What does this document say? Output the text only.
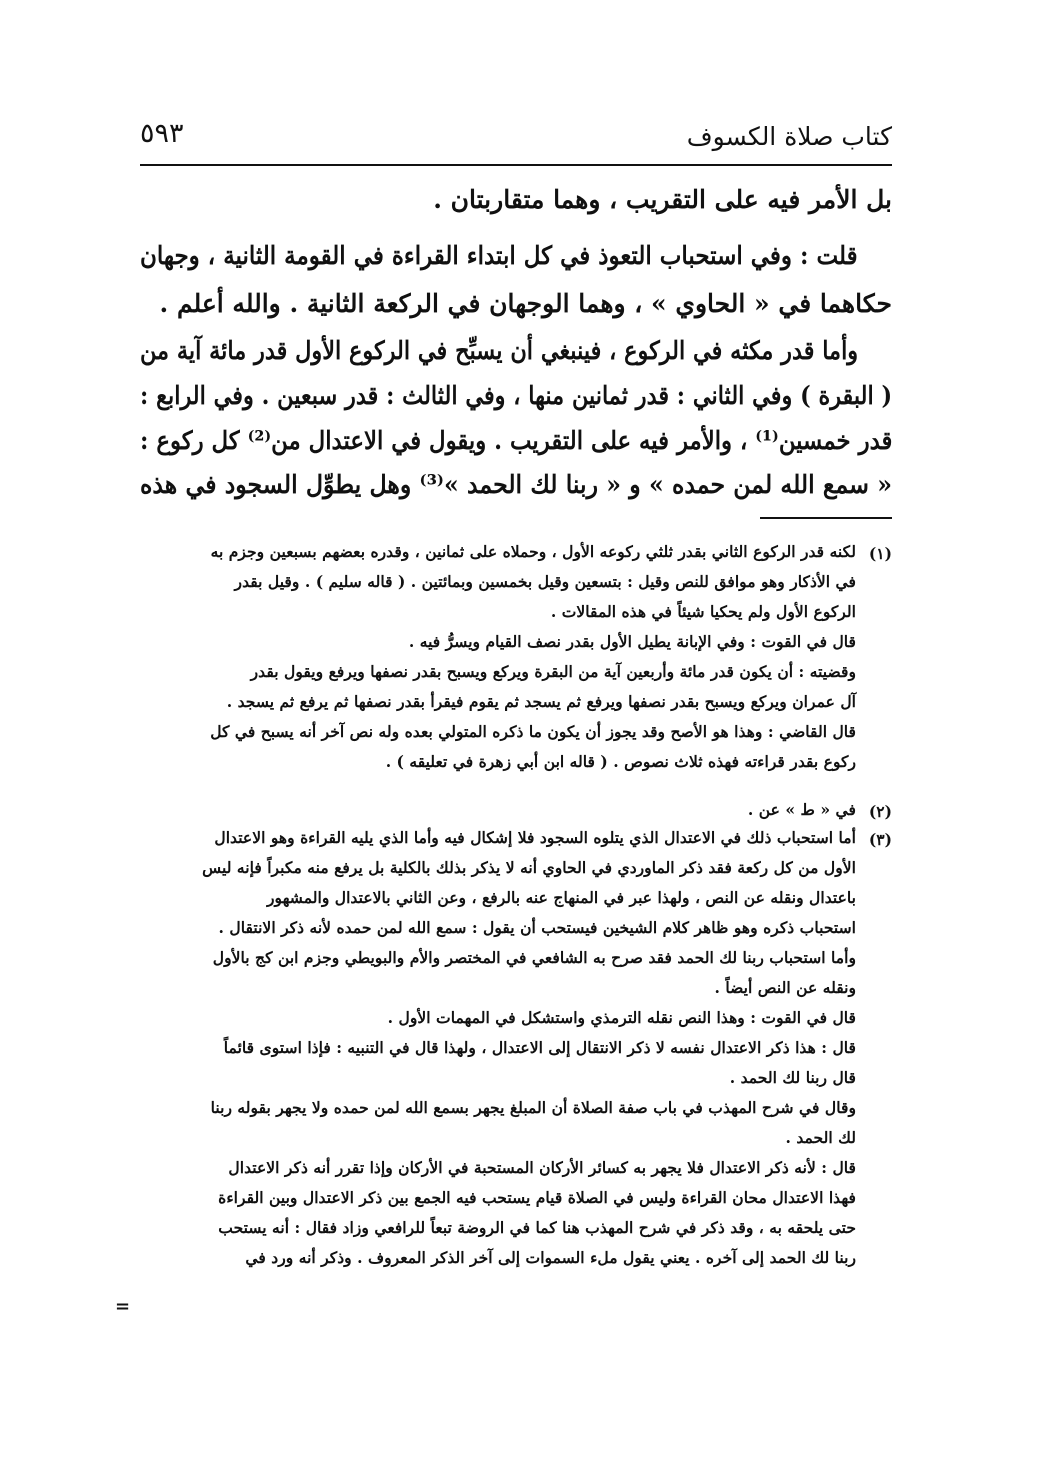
كتاب صلاة الكسوف
٥٩٣
بل الأمر فيه على التقريب ، وهما متقاربتان .
قلت : وفي استحباب التعوذ في كل ابتداء القراءة في القومة الثانية ، وجهان
حكاهما في « الحاوي » ، وهما الوجهان في الركعة الثانية . والله أعلم .
وأما قدر مكثه في الركوع ، فينبغي أن يسبِّح في الركوع الأول قدر مائة آية من
( البقرة ) وفي الثاني : قدر ثمانين منها ، وفي الثالث : قدر سبعين . وفي الرابع :
قدر خمسين⁽¹⁾ ، والأمر فيه على التقريب . ويقول في الاعتدال من⁽²⁾ كل ركوع :
« سمع الله لمن حمده » و « ربنا لك الحمد »⁽³⁾ وهل يطوِّل السجود في هذه
(١)
(٢)
(٣)
لكنه قدر الركوع الثاني بقدر ثلثي ركوعه الأول ، وحملاه على ثمانين ، وقدره بعضهم بسبعين وجزم به
في الأذكار وهو موافق للنص وقيل : بتسعين وقيل بخمسين وبمائتين . ( قاله سليم ) . وقيل بقدر
الركوع الأول ولم يحكيا شيئاً في هذه المقالات .
قال في القوت : وفي الإبانة يطيل الأول بقدر نصف القيام ويسرُّ فيه .
وقضيته : أن يكون قدر مائة وأربعين آية من البقرة ويركع ويسبح بقدر نصفها ويرفع ويقول بقدر
آل عمران ويركع ويسبح بقدر نصفها ويرفع ثم يسجد ثم يقوم فيقرأ بقدر نصفها ثم يرفع ثم يسجد .
قال القاضي : وهذا هو الأصح وقد يجوز أن يكون ما ذكره المتولي بعده وله نص آخر أنه يسبح في كل
ركوع بقدر قراءته فهذه ثلاث نصوص . ( قاله ابن أبي زهرة في تعليقه ) .
في « ط » عن .
أما استحباب ذلك في الاعتدال الذي يتلوه السجود فلا إشكال فيه وأما الذي يليه القراءة وهو الاعتدال
الأول من كل ركعة فقد ذكر الماوردي في الحاوي أنه لا يذكر بذلك بالكلية بل يرفع منه مكبراً فإنه ليس
باعتدال ونقله عن النص ، ولهذا عبر في المنهاج عنه بالرفع ، وعن الثاني بالاعتدال والمشهور
استحباب ذكره وهو ظاهر كلام الشيخين فيستحب أن يقول : سمع الله لمن حمده لأنه ذكر الانتقال .
وأما استحباب ربنا لك الحمد فقد صرح به الشافعي في المختصر والأم والبويطي وجزم ابن كج بالأول
ونقله عن النص أيضاً .
قال في القوت : وهذا النص نقله الترمذي واستشكل في المهمات الأول .
قال : هذا ذكر الاعتدال نفسه لا ذكر الانتقال إلى الاعتدال ، ولهذا قال في التنبيه : فإذا استوى قائماً
قال ربنا لك الحمد .
وقال في شرح المهذب في باب صفة الصلاة أن المبلغ يجهر بسمع الله لمن حمده ولا يجهر بقوله ربنا
لك الحمد .
قال : لأنه ذكر الاعتدال فلا يجهر به كسائر الأركان المستحبة في الأركان وإذا تقرر أنه ذكر الاعتدال
فهذا الاعتدال محان القراءة وليس في الصلاة قيام يستحب فيه الجمع بين ذكر الاعتدال وبين القراءة
حتى يلحقه به ، وقد ذكر في شرح المهذب هنا كما في الروضة تبعاً للرافعي وزاد فقال : أنه يستحب
ربنا لك الحمد إلى آخره . يعني يقول ملء السموات إلى آخر الذكر المعروف . وذكر أنه ورد في
=
